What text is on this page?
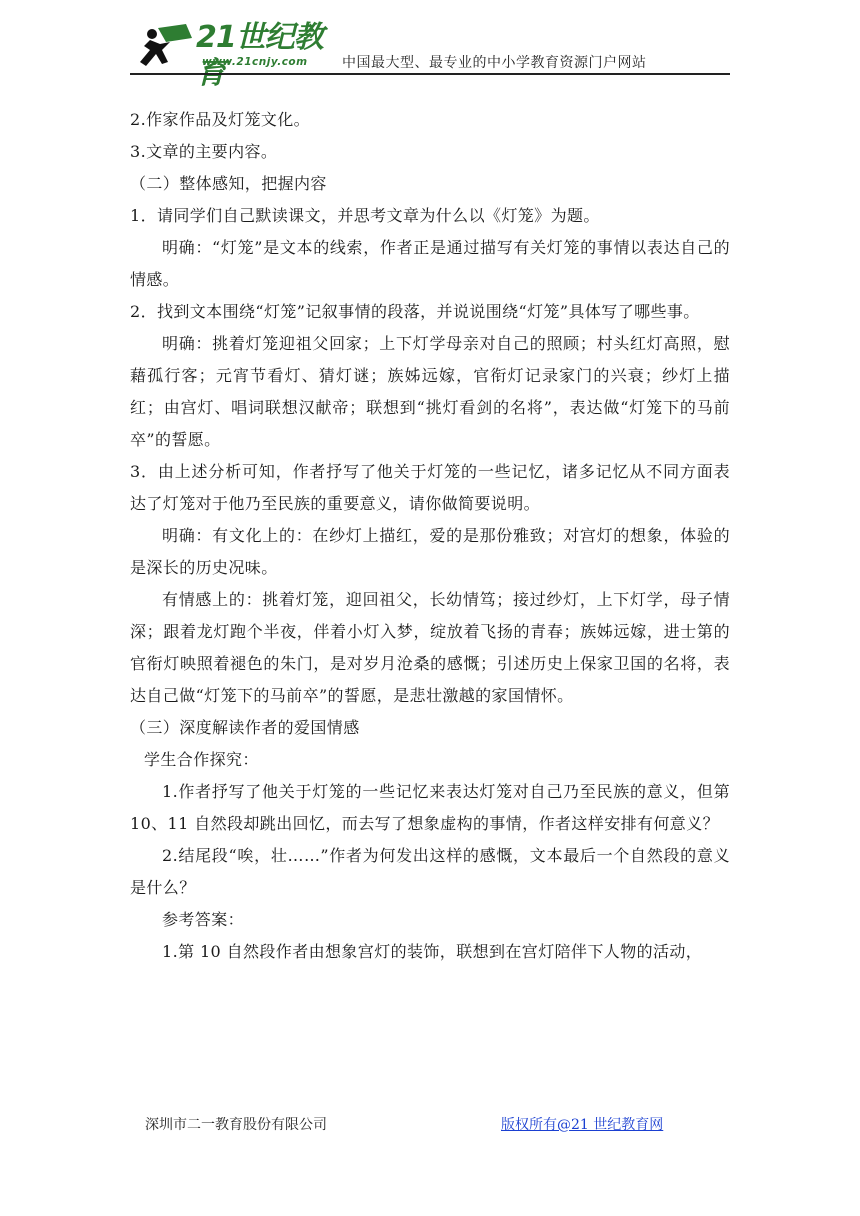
21世纪教育
www.21cnjy.com 中国最大型、最专业的中小学教育资源门户网站

2.作家作品及灯笼文化。

3.文章的主要内容。

（二）整体感知，把握内容

1．请同学们自己默读课文，并思考文章为什么以《灯笼》为题。

明确：“灯笼”是文本的线索，作者正是通过描写有关灯笼的事情以表达自己的情感。

2．找到文本围绕“灯笼”记叙事情的段落，并说说围绕“灯笼”具体写了哪些事。

明确：挑着灯笼迎祖父回家；上下灯学母亲对自己的照顾；村头红灯高照，慰藉孤行客；元宵节看灯、猜灯谜；族姊远嫁，官衔灯记录家门的兴衰；纱灯上描红；由宫灯、唱词联想汉献帝；联想到“挑灯看剑的名将”，表达做“灯笼下的马前卒”的誓愿。

3．由上述分析可知，作者抒写了他关于灯笼的一些记忆，诸多记忆从不同方面表达了灯笼对于他乃至民族的重要意义，请你做简要说明。

明确：有文化上的：在纱灯上描红，爱的是那份雅致；对宫灯的想象，体验的是深长的历史况味。

有情感上的：挑着灯笼，迎回祖父，长幼情笃；接过纱灯，上下灯学，母子情深；跟着龙灯跑个半夜，伴着小灯入梦，绽放着飞扬的青春；族姊远嫁，进士第的官衔灯映照着褪色的朱门，是对岁月沧桑的感慨；引述历史上保家卫国的名将，表达自己做“灯笼下的马前卒”的誓愿，是悲壮激越的家国情怀。

（三）深度解读作者的爱国情感

学生合作探究：

1.作者抒写了他关于灯笼的一些记忆来表达灯笼对自己乃至民族的意义，但第 10、11 自然段却跳出回忆，而去写了想象虚构的事情，作者这样安排有何意义？

2.结尾段“唉，壮……”作者为何发出这样的感慨，文本最后一个自然段的意义是什么？

参考答案：

1.第 10 自然段作者由想象宫灯的装饰，联想到在宫灯陪伴下人物的活动，

深圳市二一教育股份有限公司	版权所有@21 世纪教育网
